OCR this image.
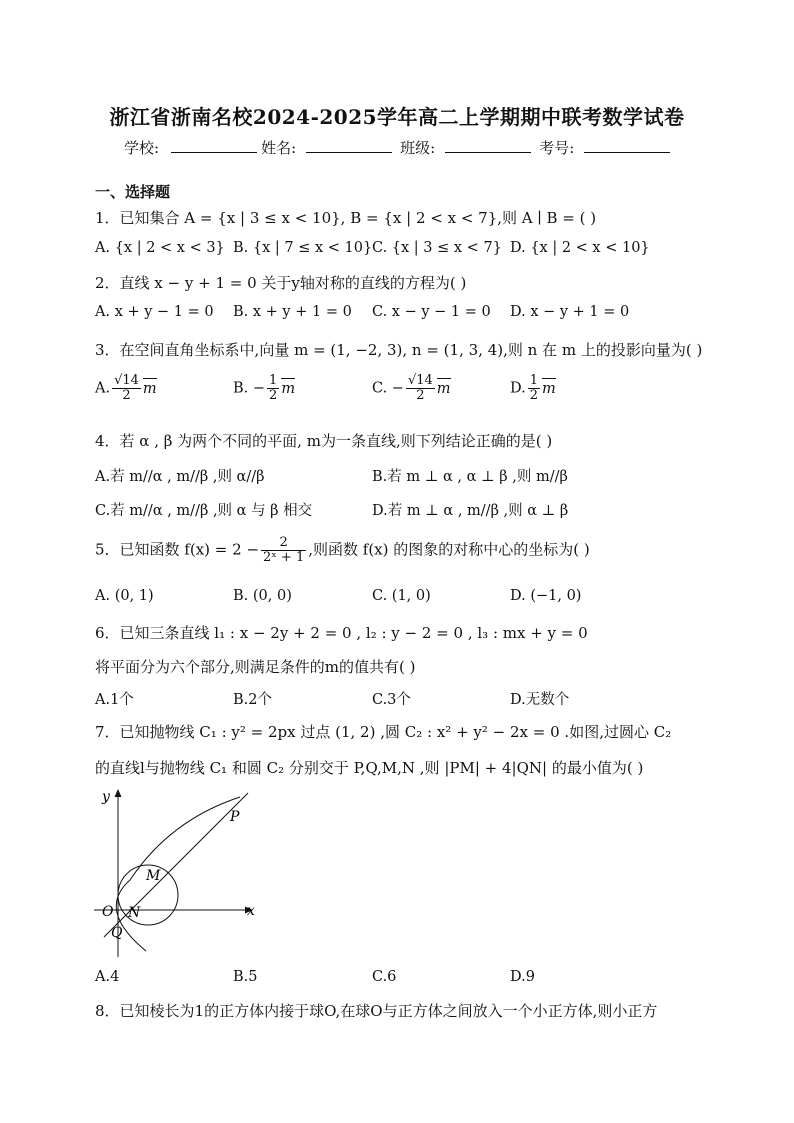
浙江省浙南名校2024-2025学年高二上学期期中联考数学试卷
学校:	姓名:	班级:	考号:
一、选择题
1．已知集合 A = {x | 3 ≤ x < 10}, B = {x | 2 < x < 7},则 A ∣ B = ( )
A. {x | 2 < x < 3} B. {x | 7 ≤ x < 10} C. {x | 3 ≤ x < 7} D. {x | 2 < x < 10}
2．直线 x − y + 1 = 0 关于y轴对称的直线的方程为( )
A. x + y − 1 = 0 B. x + y + 1 = 0 C. x − y − 1 = 0 D. x − y + 1 = 0
3．在空间直角坐标系中,向量 m = (1, −2, 3), n = (1, 3, 4),则 n 在 m 上的投影向量为( )
A. $\frac{√14}{2}$ m	B. − $\frac{1}{2}$ m	C. − $\frac{√14}{2}$ m	D. $\frac{1}{2}$ m
4．若 α , β 为两个不同的平面, m为一条直线,则下列结论正确的是( )
A.若 m//α , m//β ,则 α//β	B.若 m ⊥ α , α ⊥ β ,则 m//β
C.若 m//α , m//β ,则 α 与 β 相交	D.若 m ⊥ α , m//β ,则 α ⊥ β
5．已知函数 $f(x) = 2 - \frac{2}{\text{2ˣ + 1}}$ ,则函数 f(x) 的图象的对称中心的坐标为( )
A. (0, 1)	B. (0, 0)	C. (1, 0)	D. (−1, 0)
6．已知三条直线 l₁ : x − 2y + 2 = 0 , l₂ : y − 2 = 0 , l₃ : mx + y = 0
将平面分为六个部分,则满足条件的m的值共有( )
A.1个	B.2个	C.3个	D.无数个
7．已知抛物线 C₁ : y² = 2px 过点 (1, 2) ,圆 C₂ : x² + y² − 2x = 0 .如图,过圆心 C₂
的直线l与抛物线 C₁ 和圆 C₂ 分别交于 P,Q,M,N ,则 |PM| + 4|QN| 的最小值为( )
y
x
O
P
M
N
Q
A.4	B.5	C.6	D.9
8．已知棱长为1的正方体内接于球O,在球O与正方体之间放入一个小正方体,则小正方
